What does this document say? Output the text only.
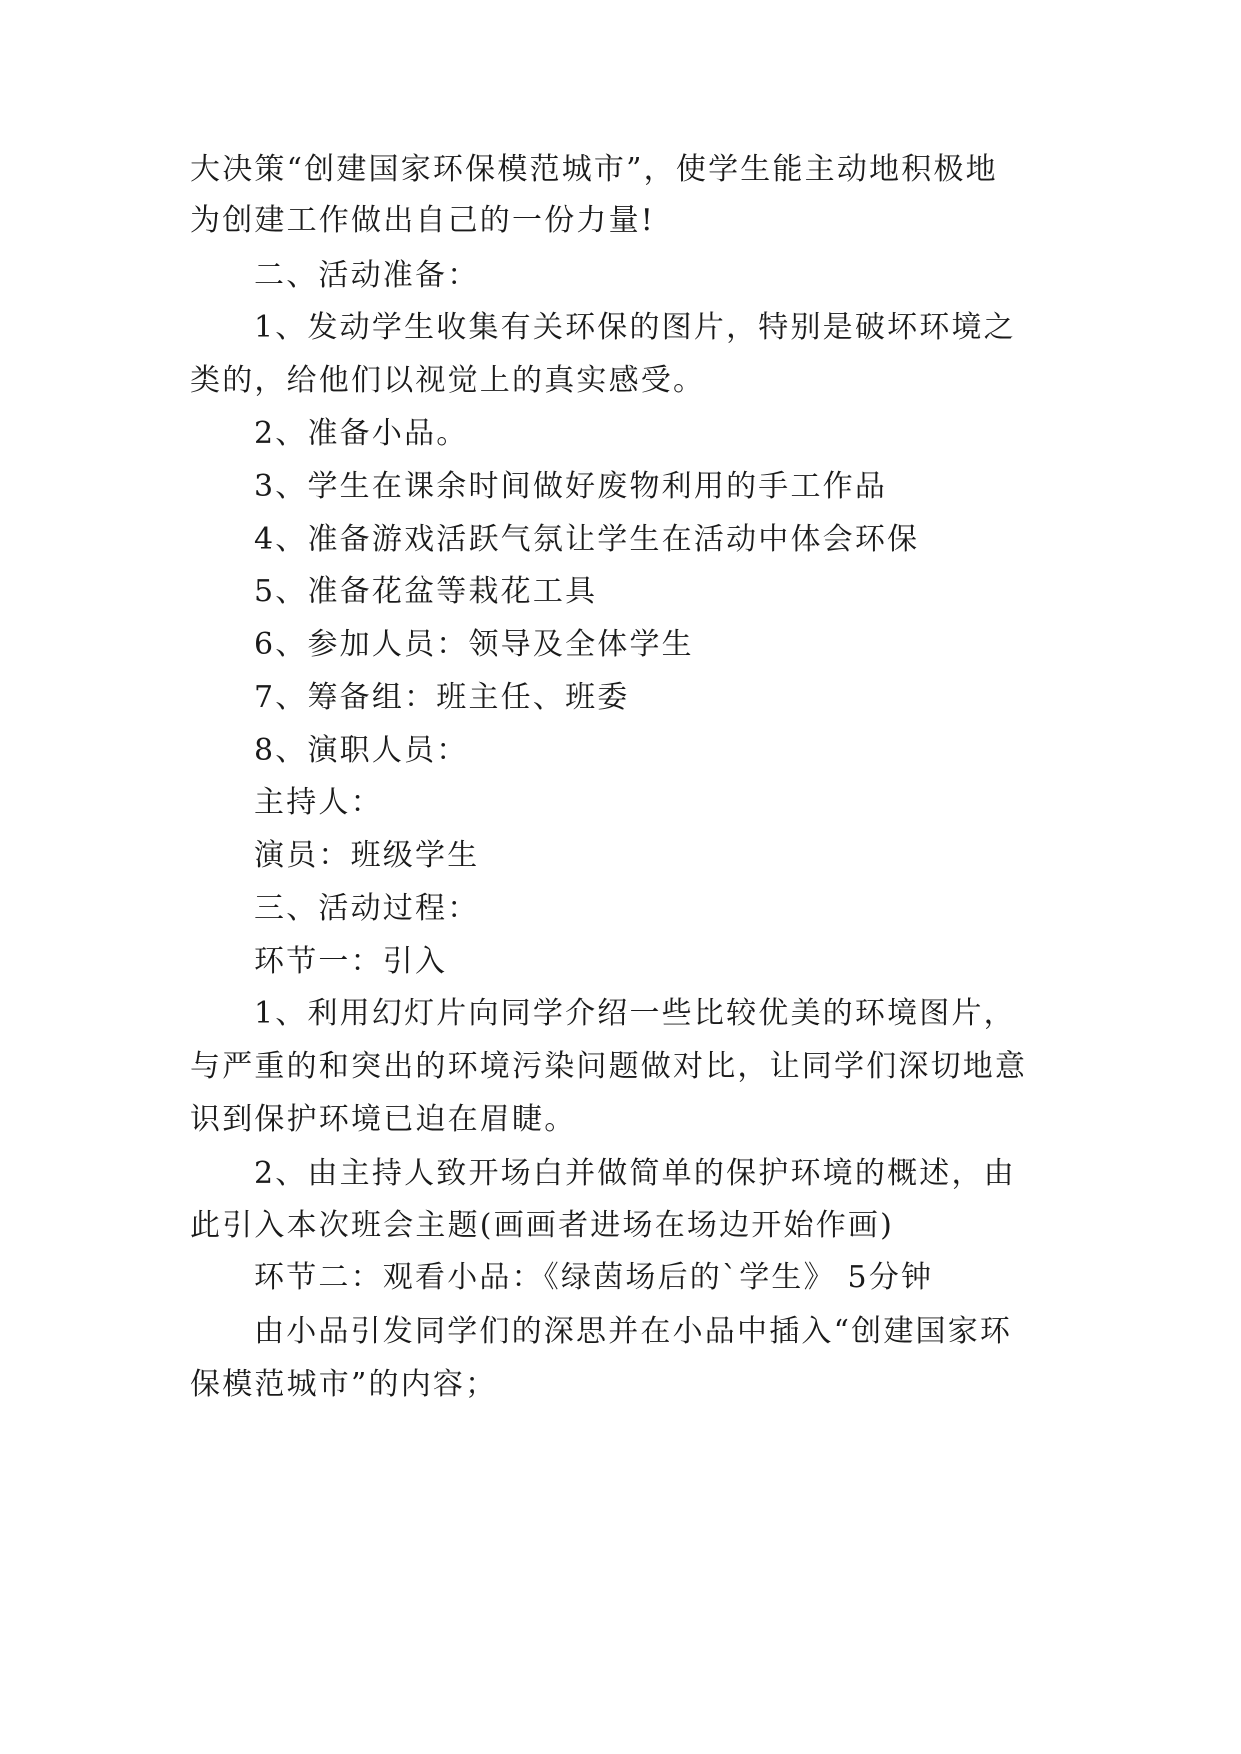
大决策“创建国家环保模范城市”，使学生能主动地积极地
为创建工作做出自己的一份力量!
二、活动准备：
1、发动学生收集有关环保的图片，特别是破坏环境之
类的，给他们以视觉上的真实感受。
2、准备小品。
3、学生在课余时间做好废物利用的手工作品
4、准备游戏活跃气氛让学生在活动中体会环保
5、准备花盆等栽花工具
6、参加人员：领导及全体学生
7、筹备组：班主任、班委
8、演职人员：
主持人：
演员：班级学生
三、活动过程：
环节一：引入
1、利用幻灯片向同学介绍一些比较优美的环境图片，
与严重的和突出的环境污染问题做对比，让同学们深切地意
识到保护环境已迫在眉睫。
2、由主持人致开场白并做简单的保护环境的概述，由
此引入本次班会主题(画画者进场在场边开始作画)
环节二：观看小品：《绿茵场后的`学生》 5分钟
由小品引发同学们的深思并在小品中插入“创建国家环
保模范城市”的内容；
